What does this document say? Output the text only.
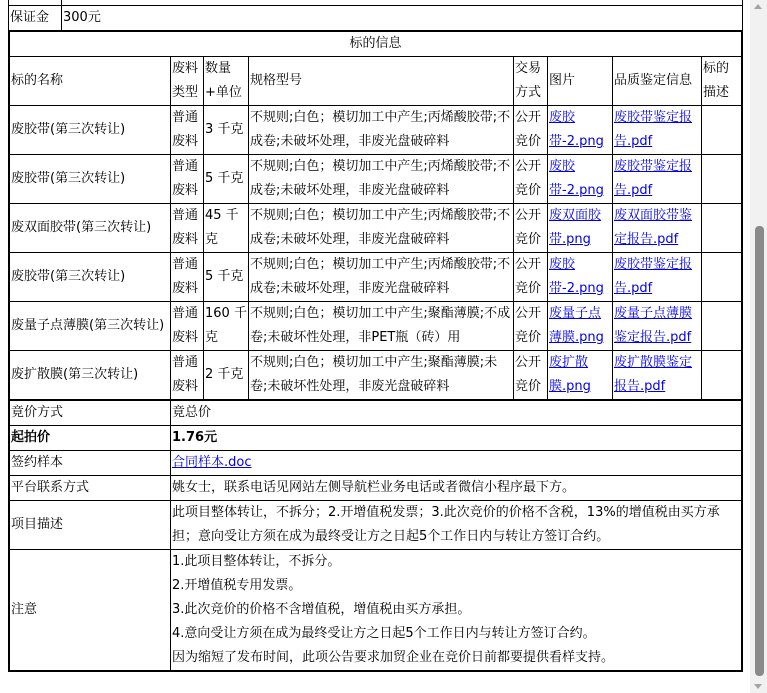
保证金	300元
标的信息							
标的名称	废料类型	数量+单位	规格型号	交易方式	图片	品质鉴定信息	标的描述
废胶带(第三次转让)	普通废料	3 千克	不规则;白色；模切加工中产生;丙烯酸胶带;不成卷;未破坏处理，非废光盘破碎料	公开竞价	废胶带-2.png	废胶带鉴定报告.pdf	
废胶带(第三次转让)	普通废料	5 千克	不规则;白色；模切加工中产生;丙烯酸胶带;不成卷;未破坏处理，非废光盘破碎料	公开竞价	废胶带-2.png	废胶带鉴定报告.pdf	
废双面胶带(第三次转让)	普通废料	45 千克	不规则;白色；模切加工中产生;丙烯酸胶带;不成卷;未破坏处理，非废光盘破碎料	公开竞价	废双面胶带.png	废双面胶带鉴定报告.pdf	
废胶带(第三次转让)	普通废料	5 千克	不规则;白色；模切加工中产生;丙烯酸胶带;不成卷;未破坏处理，非废光盘破碎料	公开竞价	废胶带-2.png	废胶带鉴定报告.pdf	
废量子点薄膜(第三次转让)	普通废料	160 千克	不规则;白色；模切加工中产生;聚酯薄膜;不成卷;未破坏性处理，非PET瓶（砖）用	公开竞价	废量子点薄膜.png	废量子点薄膜鉴定报告.pdf	
废扩散膜(第三次转让)	普通废料	2 千克	不规则;白色；模切加工中产生;聚酯薄膜;未卷;未破坏性处理，非废光盘破碎料	公开竞价	废扩散膜.png	废扩散膜鉴定报告.pdf	
竟价方式	竟总价
起拍价	1.76元
签约样本	合同样本.doc
平台联系方式	姚女士，联系电话见网站左侧导航栏业务电话或者微信小程序最下方。
项目描述	此项目整体转让，不拆分；2.开增值税发票；3.此次竞价的价格不含税，13%的增值税由买方承担；意向受让方须在成为最终受让方之日起5个工作日内与转让方签订合约。
注意	1.此项目整体转让，不拆分。
2.开增值税专用发票。
3.此次竞价的价格不含增值税，增值税由买方承担。
4.意向受让方须在成为最终受让方之日起5个工作日内与转让方签订合约。
因为缩短了发布时间，此项公告要求加贸企业在竞价日前都要提供看样支持。
